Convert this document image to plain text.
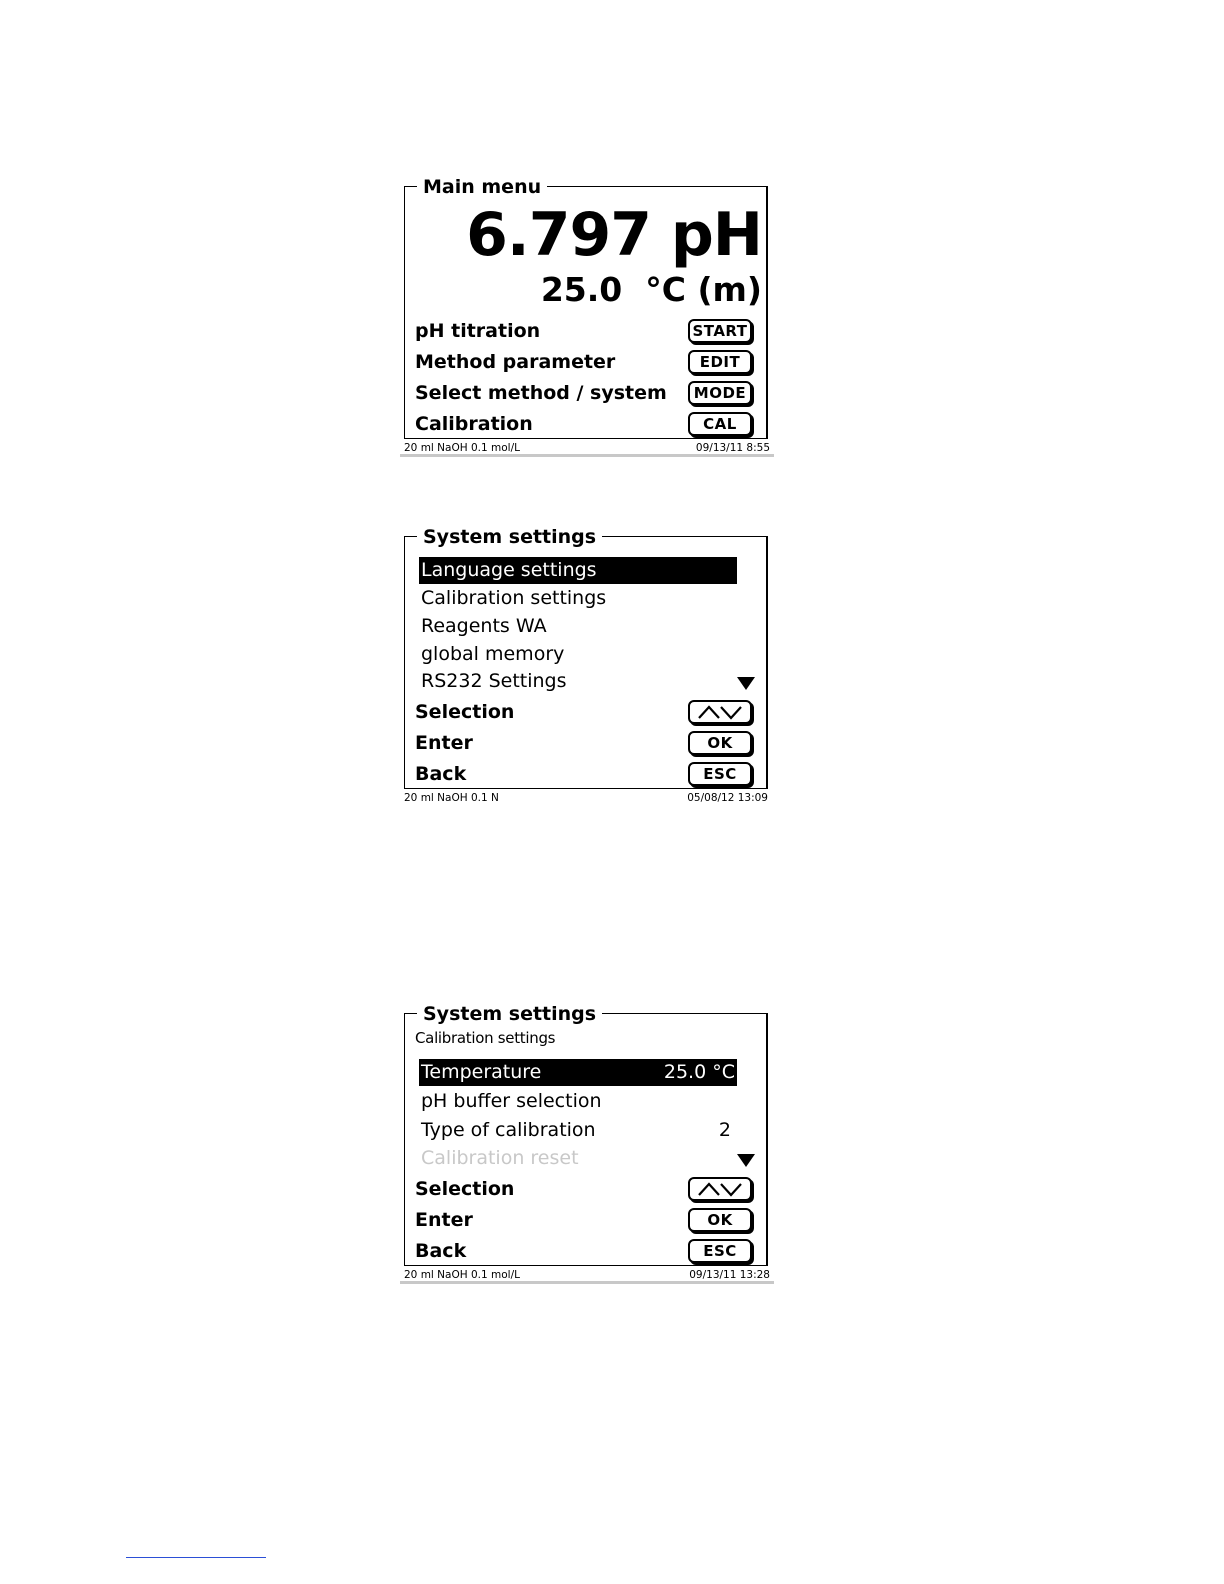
Main menu
6.797 pH
25.0  °C (m)
pH titration	START
Method parameter	EDIT
Select method / system	MODE
Calibration	CAL
20 ml NaOH 0.1 mol/L	09/13/11 8:55
System settings
Language settings
Calibration settings
Reagents WA
global memory
RS232 Settings
Selection
Enter	OK
Back	ESC
20 ml NaOH 0.1 N	05/08/12 13:09
System settings
Calibration settings
Temperature	25.0 °C
pH buffer selection
Type of calibration	2
Calibration reset
Selection
Enter	OK
Back	ESC
20 ml NaOH 0.1 mol/L	09/13/11 13:28
